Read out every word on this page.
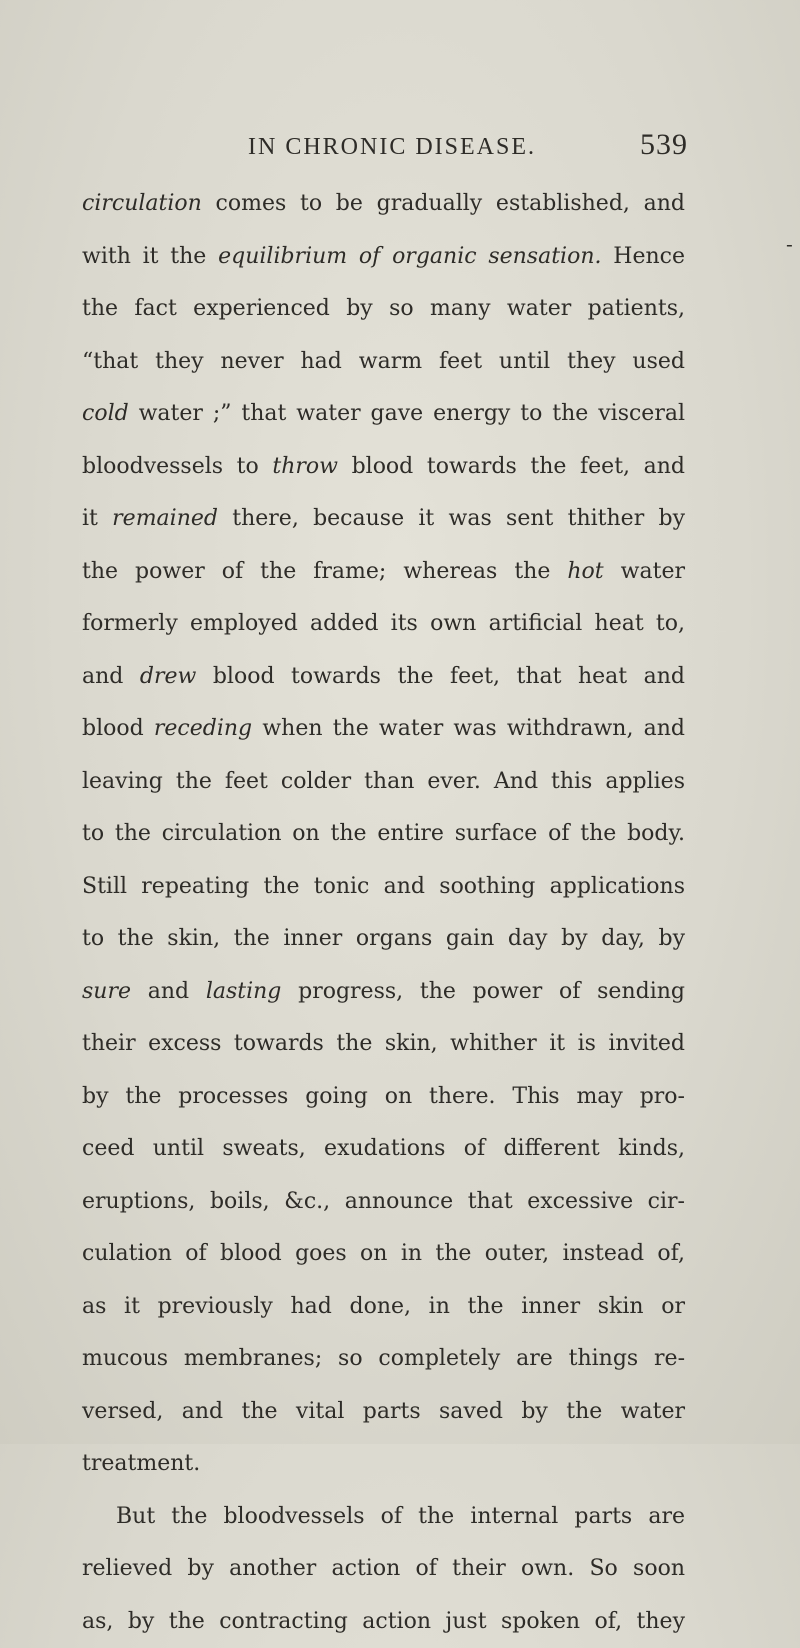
IN CHRONIC DISEASE.	539
circulation comes to be gradually established, and
with it the equilibrium of organic sensation. Hence
the fact experienced by so many water patients,
“that they never had warm feet until they used
cold water ;” that water gave energy to the visceral
bloodvessels to throw blood towards the feet, and
it remained there, because it was sent thither by
the power of the frame; whereas the hot water
formerly employed added its own artificial heat to,
and drew blood towards the feet, that heat and
blood receding when the water was withdrawn, and
leaving the feet colder than ever. And this applies
to the circulation on the entire surface of the body.
Still repeating the tonic and soothing applications
to the skin, the inner organs gain day by day, by
sure and lasting progress, the power of sending
their excess towards the skin, whither it is invited
by the processes going on there. This may pro-
ceed until sweats, exudations of different kinds,
eruptions, boils, &c., announce that excessive cir-
culation of blood goes on in the outer, instead of,
as it previously had done, in the inner skin or
mucous membranes; so completely are things re-
versed, and the vital parts saved by the water
treatment.
But the bloodvessels of the internal parts are
relieved by another action of their own. So soon
as, by the contracting action just spoken of, they
-
